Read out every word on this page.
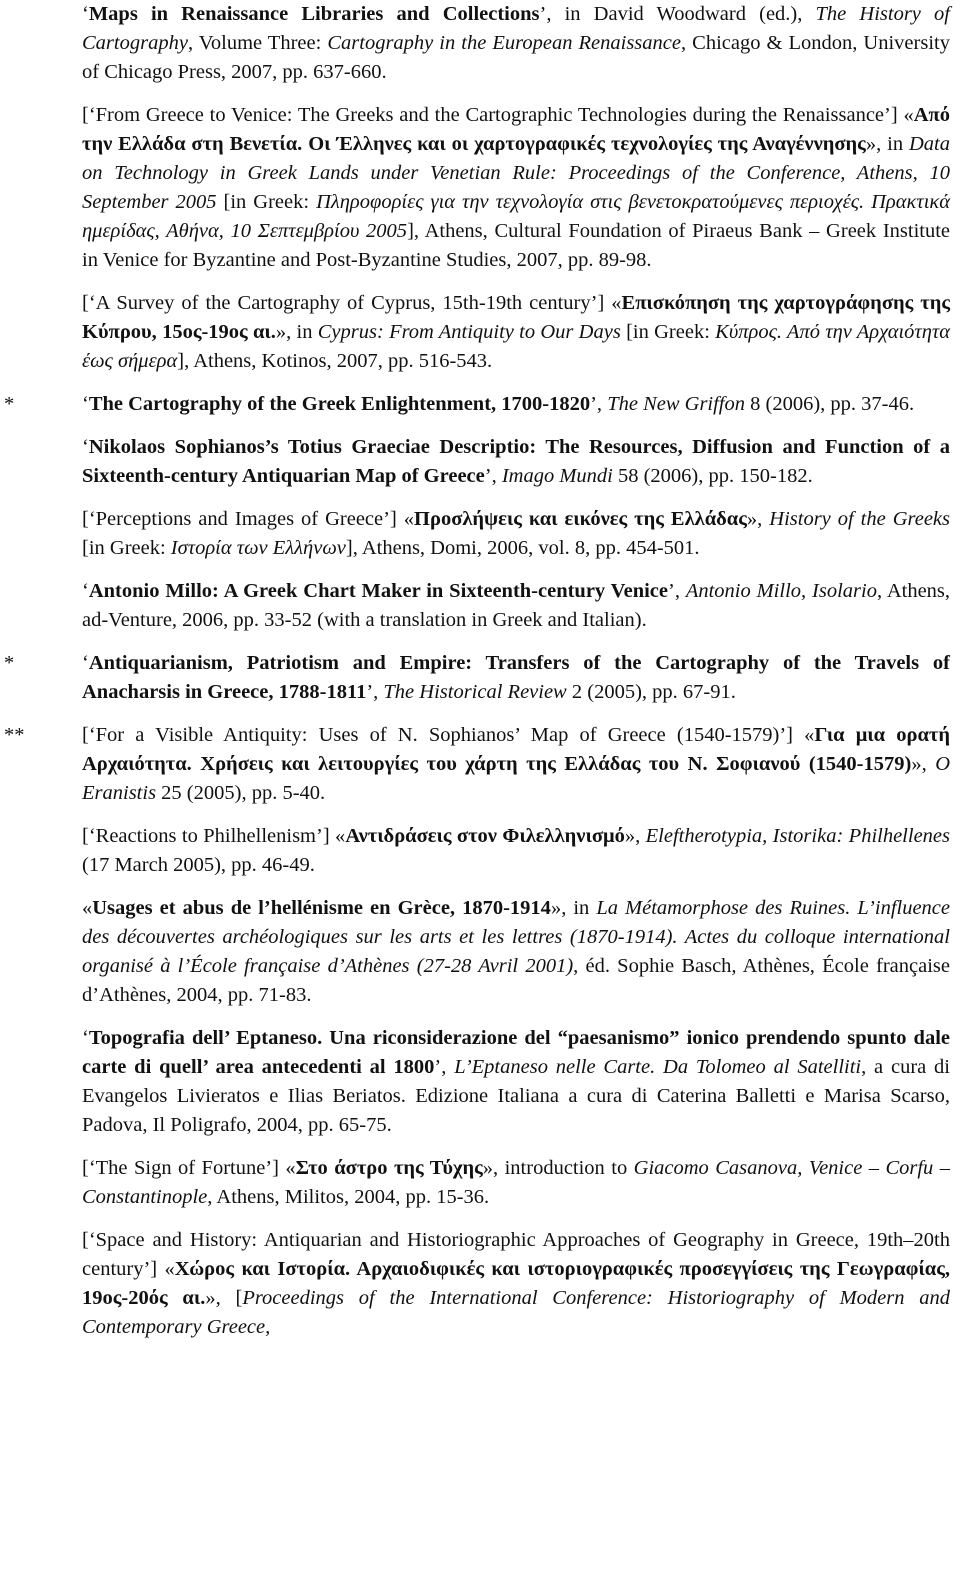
‘Maps in Renaissance Libraries and Collections’, in David Woodward (ed.), The History of Cartography, Volume Three: Cartography in the European Renaissance, Chicago & London, University of Chicago Press, 2007, pp. 637-660.
[‘From Greece to Venice: The Greeks and the Cartographic Technologies during the Renaissance’] «Από την Ελλάδα στη Βενετία. Οι Έλληνες και οι χαρτογραφικές τεχνολογίες της Αναγέννησης», in Data on Technology in Greek Lands under Venetian Rule: Proceedings of the Conference, Athens, 10 September 2005 [in Greek: Πληροφορίες για την τεχνολογία στις βενετοκρατούμενες περιοχές. Πρακτικά ημερίδας, Αθήνα, 10 Σεπτεμβρίου 2005], Athens, Cultural Foundation of Piraeus Bank – Greek Institute in Venice for Byzantine and Post-Byzantine Studies, 2007, pp. 89-98.
[‘A Survey of the Cartography of Cyprus, 15th-19th century’] «Επισκόπηση της χαρτογράφησης της Κύπρου, 15ος-19ος αι.», in Cyprus: From Antiquity to Our Days [in Greek: Κύπρος. Από την Αρχαιότητα έως σήμερα], Athens, Kotinos, 2007, pp. 516-543.
*	‘The Cartography of the Greek Enlightenment, 1700-1820’, The New Griffon 8 (2006), pp. 37-46.
‘Nikolaos Sophianos’s Totius Graeciae Descriptio: The Resources, Diffusion and Function of a Sixteenth-century Antiquarian Map of Greece’, Imago Mundi 58 (2006), pp. 150-182.
[‘Perceptions and Images of Greece’] «Προσλήψεις και εικόνες της Ελλάδας», History of the Greeks [in Greek: Ιστορία των Ελλήνων], Athens, Domi, 2006, vol. 8, pp. 454-501.
‘Antonio Millo: A Greek Chart Maker in Sixteenth-century Venice’, Antonio Millo, Isolario, Athens, ad-Venture, 2006, pp. 33-52 (with a translation in Greek and Italian).
*	‘Antiquarianism, Patriotism and Empire: Transfers of the Cartography of the Travels of Anacharsis in Greece, 1788-1811’, The Historical Review 2 (2005), pp. 67-91.
**	[‘For a Visible Antiquity: Uses of N. Sophianos’ Map of Greece (1540-1579)’] «Για μια ορατή Αρχαιότητα. Χρήσεις και λειτουργίες του χάρτη της Ελλάδας του Ν. Σοφιανού (1540-1579)», O Eranistis 25 (2005), pp. 5-40.
[‘Reactions to Philhellenism’] «Αντιδράσεις στον Φιλελληνισμό», Eleftherotypia, Istorika: Philhellenes (17 March 2005), pp. 46-49.
«Usages et abus de l’hellénisme en Grèce, 1870-1914», in La Métamorphose des Ruines. L’influence des découvertes archéologiques sur les arts et les lettres (1870-1914). Actes du colloque international organisé à l’École française d’Athènes (27-28 Avril 2001), éd. Sophie Basch, Athènes, École française d’Athènes, 2004, pp. 71-83.
‘Topografia dell’ Eptaneso. Una riconsiderazione del “paesanismo” ionico prendendo spunto dale carte di quell’ area antecedenti al 1800’, L’Eptaneso nelle Carte. Da Tolomeo al Satelliti, a cura di Evangelos Livieratos e Ilias Beriatos. Edizione Italiana a cura di Caterina Balletti e Marisa Scarso, Padova, Il Poligrafo, 2004, pp. 65-75.
[‘The Sign of Fortune’] «Στο άστρο της Τύχης», introduction to Giacomo Casanova, Venice – Corfu – Constantinople, Athens, Militos, 2004, pp. 15-36.
[‘Space and History: Antiquarian and Historiographic Approaches of Geography in Greece, 19th–20th century’] «Χώρος και Ιστορία. Αρχαιοδιφικές και ιστοριογραφικές προσεγγίσεις της Γεωγραφίας, 19ος-20ός αι.», [Proceedings of the International Conference: Historiography of Modern and Contemporary Greece,
